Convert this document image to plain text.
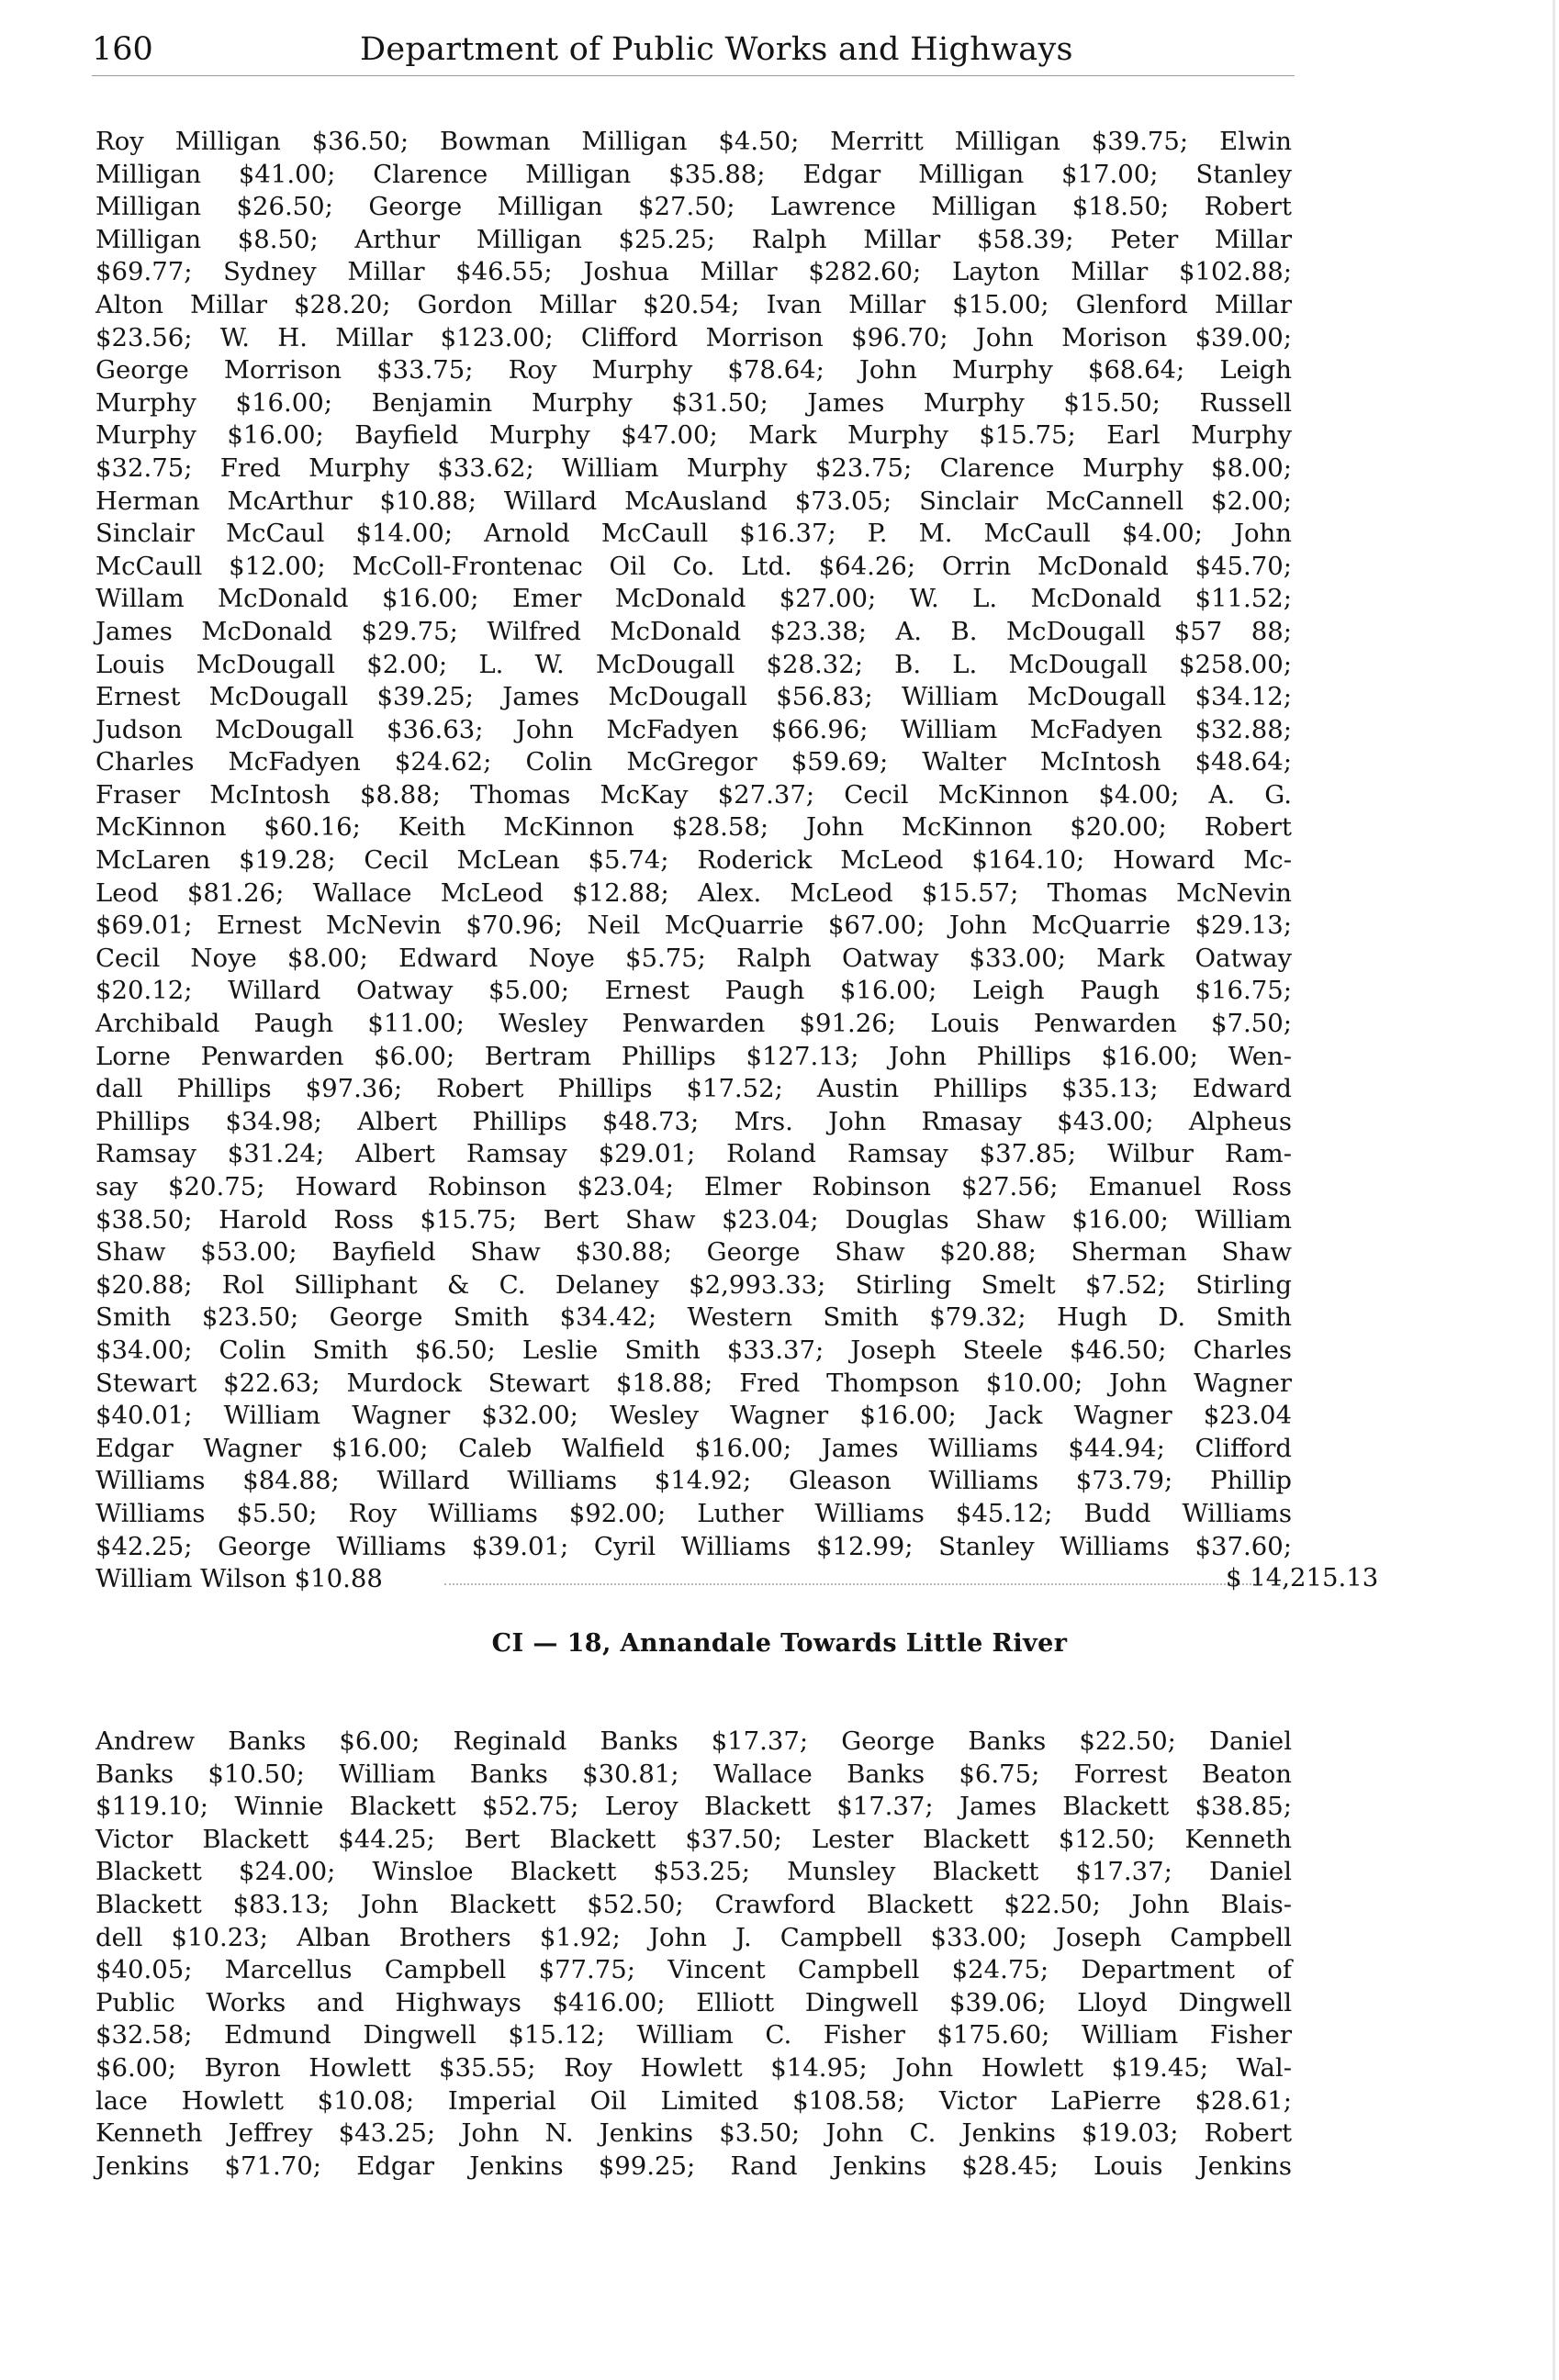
160	Department of Public Works and Highways
Roy Milligan $36.50; Bowman Milligan $4.50; Merritt Milligan $39.75; Elwin
Milligan $41.00; Clarence Milligan $35.88; Edgar Milligan $17.00; Stanley
Milligan $26.50; George Milligan $27.50; Lawrence Milligan $18.50; Robert
Milligan $8.50; Arthur Milligan $25.25; Ralph Millar $58.39; Peter Millar
$69.77; Sydney Millar $46.55; Joshua Millar $282.60; Layton Millar $102.88;
Alton Millar $28.20; Gordon Millar $20.54; Ivan Millar $15.00; Glenford Millar
$23.56; W. H. Millar $123.00; Clifford Morrison $96.70; John Morison $39.00;
George Morrison $33.75; Roy Murphy $78.64; John Murphy $68.64; Leigh
Murphy $16.00; Benjamin Murphy $31.50; James Murphy $15.50; Russell
Murphy $16.00; Bayfield Murphy $47.00; Mark Murphy $15.75; Earl Murphy
$32.75; Fred Murphy $33.62; William Murphy $23.75; Clarence Murphy $8.00;
Herman McArthur $10.88; Willard McAusland $73.05; Sinclair McCannell $2.00;
Sinclair McCaul $14.00; Arnold McCaull $16.37; P. M. McCaull $4.00; John
McCaull $12.00; McColl-Frontenac Oil Co. Ltd. $64.26; Orrin McDonald $45.70;
Willam McDonald $16.00; Emer McDonald $27.00; W. L. McDonald $11.52;
James McDonald $29.75; Wilfred McDonald $23.38; A. B. McDougall $57 88;
Louis McDougall $2.00; L. W. McDougall $28.32; B. L. McDougall $258.00;
Ernest McDougall $39.25; James McDougall $56.83; William McDougall $34.12;
Judson McDougall $36.63; John McFadyen $66.96; William McFadyen $32.88;
Charles McFadyen $24.62; Colin McGregor $59.69; Walter McIntosh $48.64;
Fraser McIntosh $8.88; Thomas McKay $27.37; Cecil McKinnon $4.00; A. G.
McKinnon $60.16; Keith McKinnon $28.58; John McKinnon $20.00; Robert
McLaren $19.28; Cecil McLean $5.74; Roderick McLeod $164.10; Howard Mc-
Leod $81.26; Wallace McLeod $12.88; Alex. McLeod $15.57; Thomas McNevin
$69.01; Ernest McNevin $70.96; Neil McQuarrie $67.00; John McQuarrie $29.13;
Cecil Noye $8.00; Edward Noye $5.75; Ralph Oatway $33.00; Mark Oatway
$20.12; Willard Oatway $5.00; Ernest Paugh $16.00; Leigh Paugh $16.75;
Archibald Paugh $11.00; Wesley Penwarden $91.26; Louis Penwarden $7.50;
Lorne Penwarden $6.00; Bertram Phillips $127.13; John Phillips $16.00; Wen-
dall Phillips $97.36; Robert Phillips $17.52; Austin Phillips $35.13; Edward
Phillips $34.98; Albert Phillips $48.73; Mrs. John Rmasay $43.00; Alpheus
Ramsay $31.24; Albert Ramsay $29.01; Roland Ramsay $37.85; Wilbur Ram-
say $20.75; Howard Robinson $23.04; Elmer Robinson $27.56; Emanuel Ross
$38.50; Harold Ross $15.75; Bert Shaw $23.04; Douglas Shaw $16.00; William
Shaw $53.00; Bayfield Shaw $30.88; George Shaw $20.88; Sherman Shaw
$20.88; Rol Silliphant & C. Delaney $2,993.33; Stirling Smelt $7.52; Stirling
Smith $23.50; George Smith $34.42; Western Smith $79.32; Hugh D. Smith
$34.00; Colin Smith $6.50; Leslie Smith $33.37; Joseph Steele $46.50; Charles
Stewart $22.63; Murdock Stewart $18.88; Fred Thompson $10.00; John Wagner
$40.01; William Wagner $32.00; Wesley Wagner $16.00; Jack Wagner $23.04
Edgar Wagner $16.00; Caleb Walfield $16.00; James Williams $44.94; Clifford
Williams $84.88; Willard Williams $14.92; Gleason Williams $73.79; Phillip
Williams $5.50; Roy Williams $92.00; Luther Williams $45.12; Budd Williams
$42.25; George Williams $39.01; Cyril Williams $12.99; Stanley Williams $37.60;
William Wilson $10.88	$ 14,215.13
CI — 18, Annandale Towards Little River
Andrew Banks $6.00; Reginald Banks $17.37; George Banks $22.50; Daniel
Banks $10.50; William Banks $30.81; Wallace Banks $6.75; Forrest Beaton
$119.10; Winnie Blackett $52.75; Leroy Blackett $17.37; James Blackett $38.85;
Victor Blackett $44.25; Bert Blackett $37.50; Lester Blackett $12.50; Kenneth
Blackett $24.00; Winsloe Blackett $53.25; Munsley Blackett $17.37; Daniel
Blackett $83.13; John Blackett $52.50; Crawford Blackett $22.50; John Blais-
dell $10.23; Alban Brothers $1.92; John J. Campbell $33.00; Joseph Campbell
$40.05; Marcellus Campbell $77.75; Vincent Campbell $24.75; Department of
Public Works and Highways $416.00; Elliott Dingwell $39.06; Lloyd Dingwell
$32.58; Edmund Dingwell $15.12; William C. Fisher $175.60; William Fisher
$6.00; Byron Howlett $35.55; Roy Howlett $14.95; John Howlett $19.45; Wal-
lace Howlett $10.08; Imperial Oil Limited $108.58; Victor LaPierre $28.61;
Kenneth Jeffrey $43.25; John N. Jenkins $3.50; John C. Jenkins $19.03; Robert
Jenkins $71.70; Edgar Jenkins $99.25; Rand Jenkins $28.45; Louis Jenkins
